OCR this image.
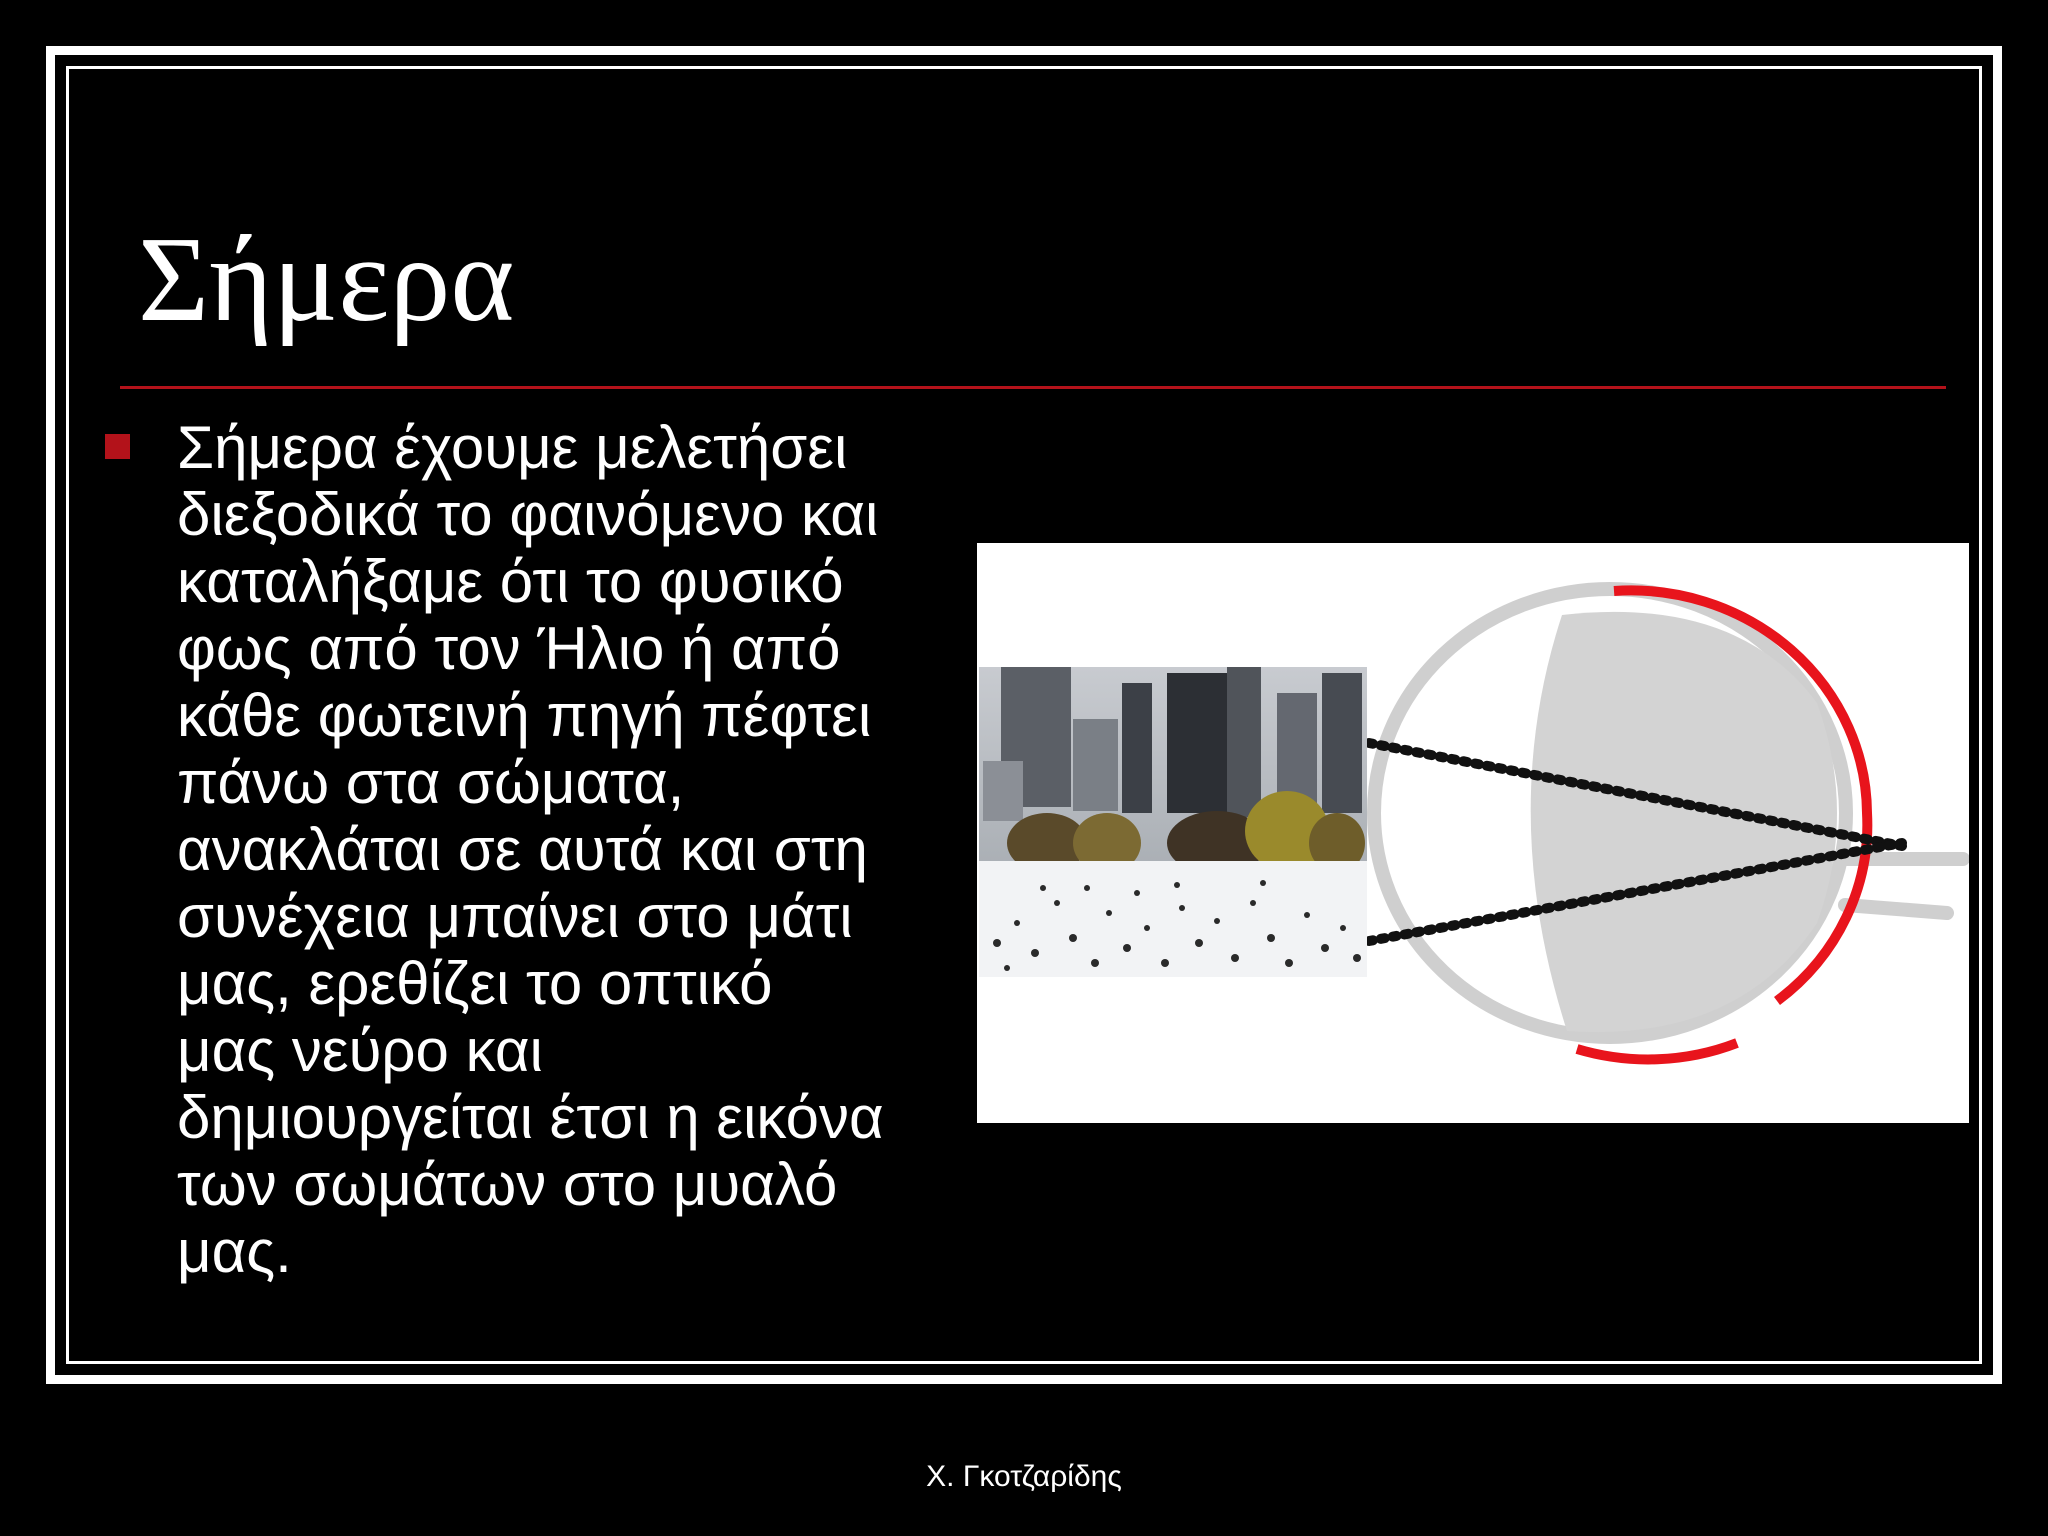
Σήμερα
Σήμερα έχουμε μελετήσει
διεξοδικά το φαινόμενο και
καταλήξαμε ότι το φυσικό
φως από τον Ήλιο ή από
κάθε φωτεινή πηγή πέφτει
πάνω στα σώματα,
ανακλάται σε αυτά και στη
συνέχεια μπαίνει στο μάτι
μας, ερεθίζει το οπτικό
μας νεύρο και
δημιουργείται έτσι η εικόνα
των σωμάτων στο μυαλό
μας.
Χ. Γκοτζαρίδης
